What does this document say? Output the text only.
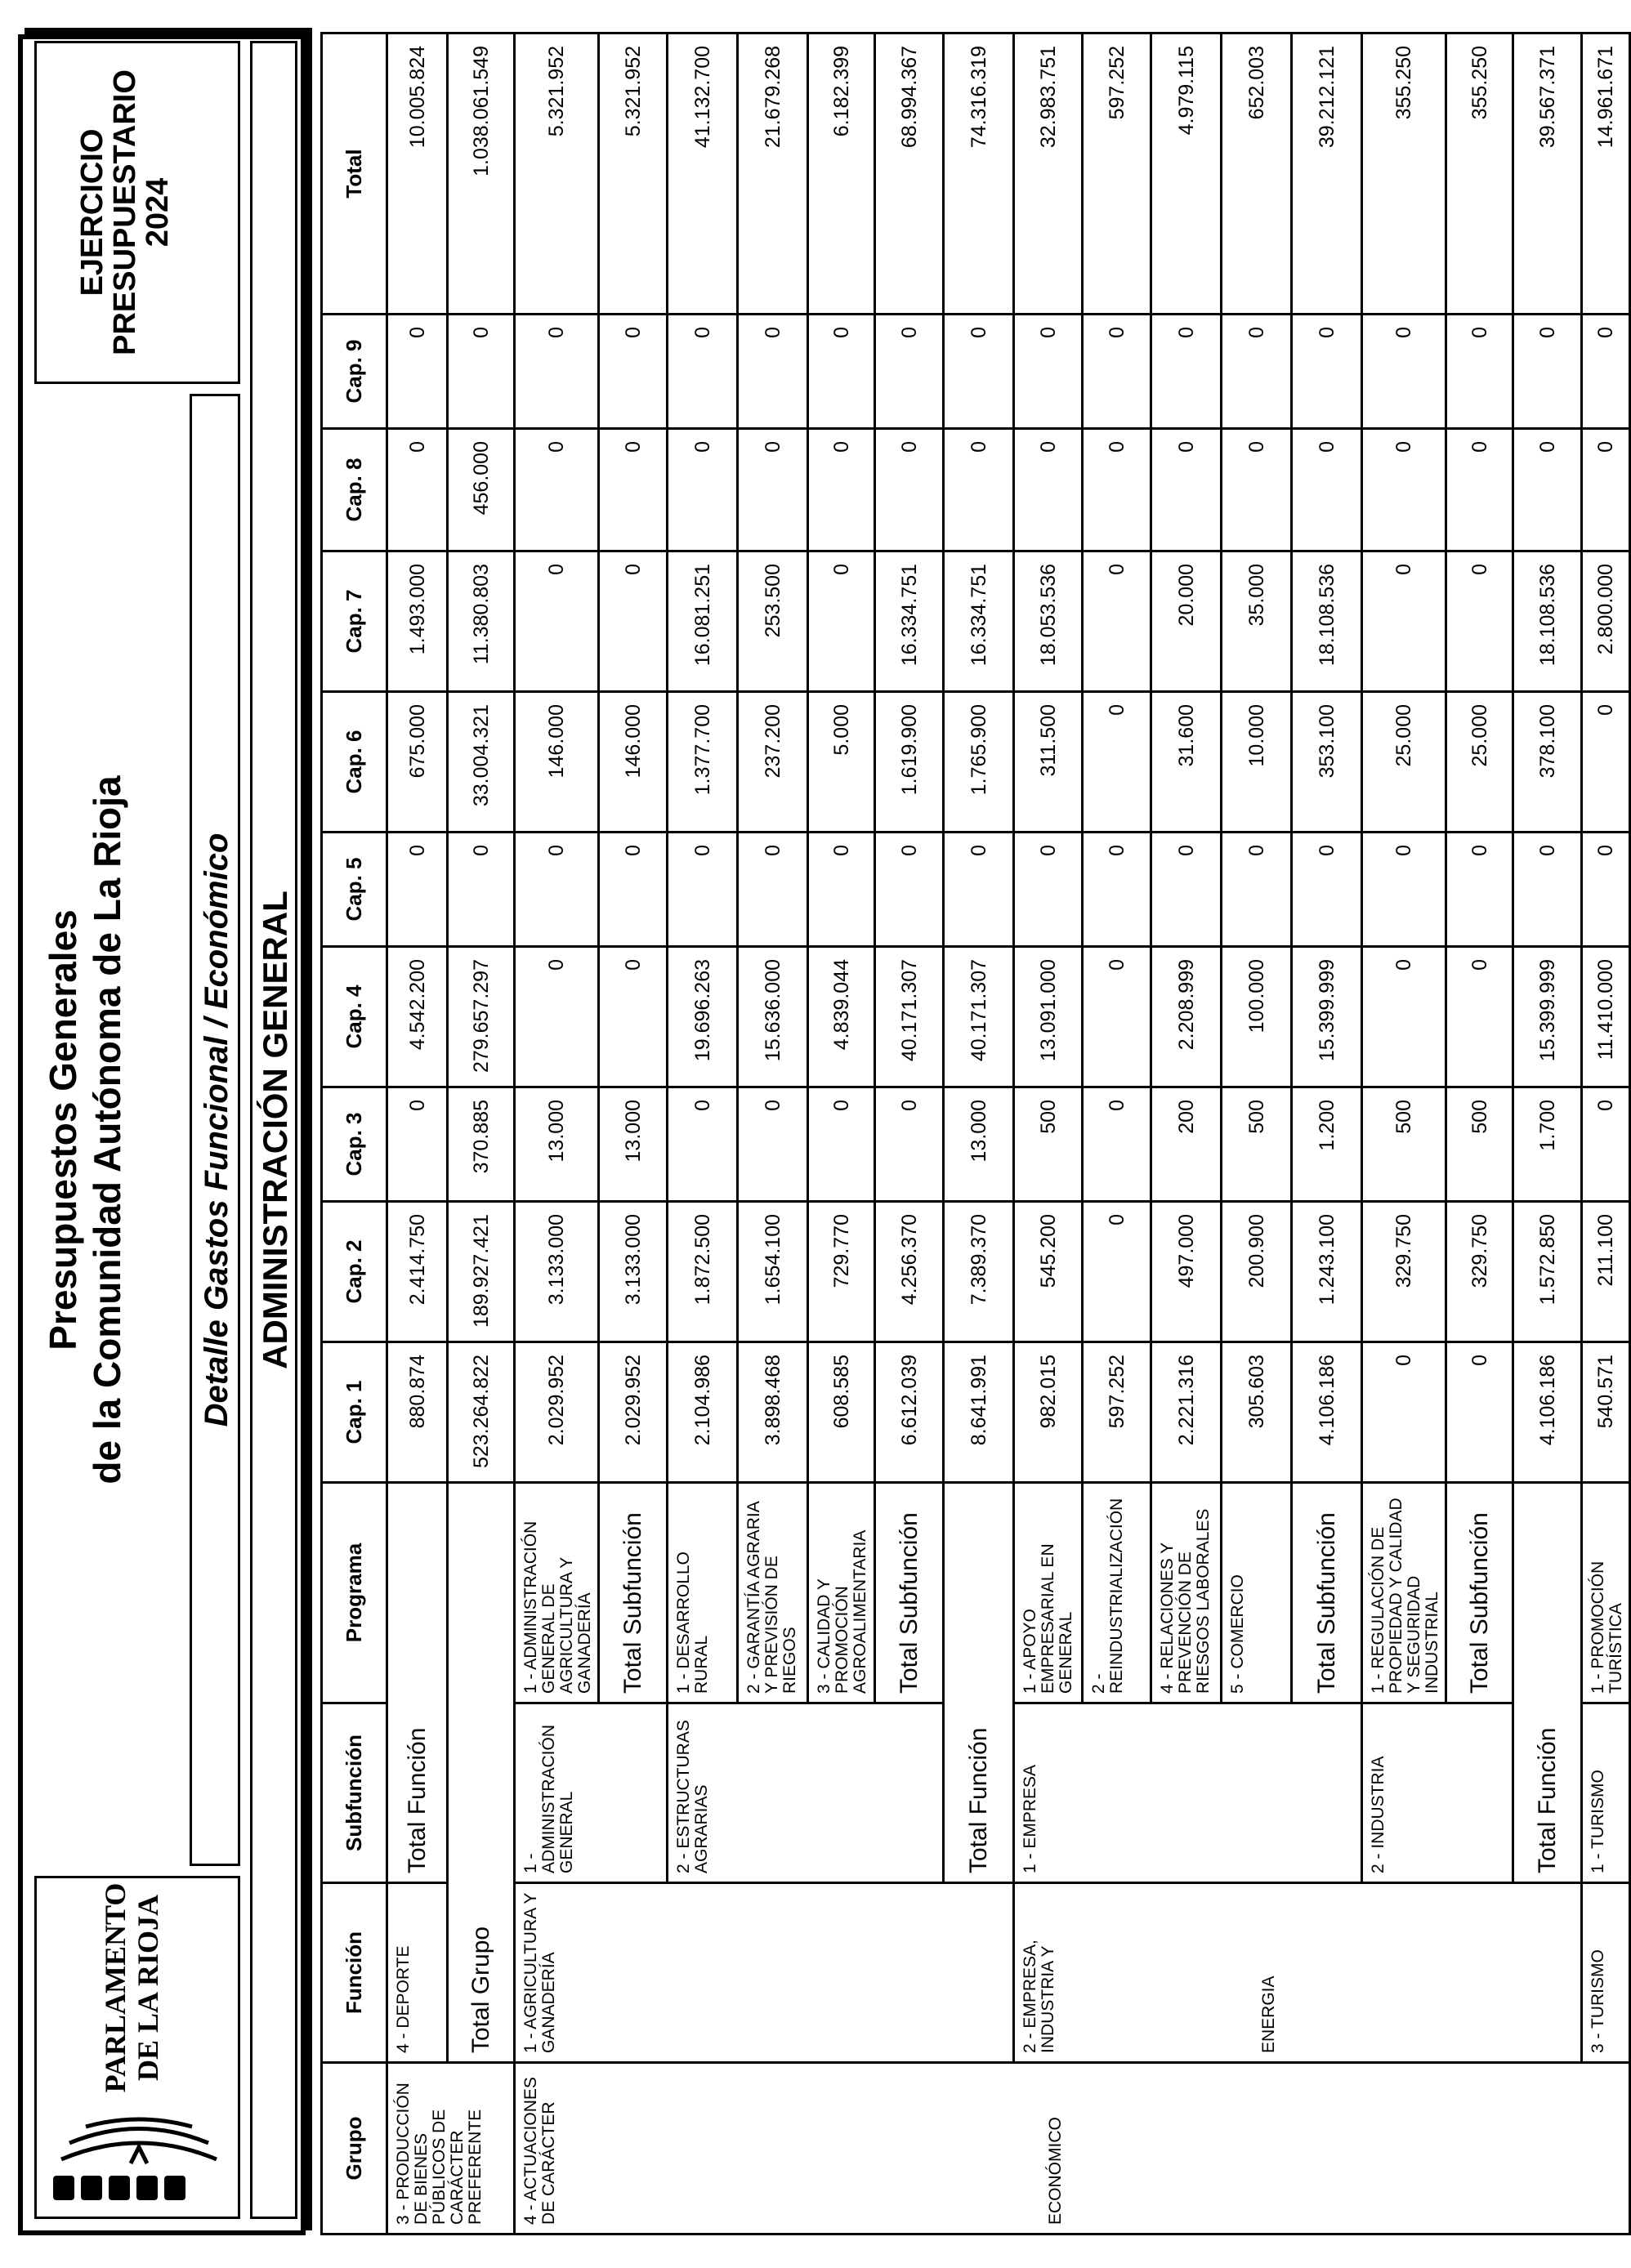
PARLAMENTO DE LA RIOJA
Presupuestos Generales de la Comunidad Autónoma de La Rioja Detalle Gastos Funcional / Económico
EJERCICIO
PRESUPUESTARIO
2024
ADMINISTRACIÓN GENERAL
Grupo	Función	Subfunción	Programa	Cap. 1	Cap. 2	Cap. 3	Cap. 4	Cap. 5	Cap. 6	Cap. 7	Cap. 8	Cap. 9	Total
3 - PRODUCCIÓN DE BIENES PÚBLICOS DE CARÁCTER PREFERENTE	4 - DEPORTE	Total Función		880.874	2.414.750	0	4.542.200	0	675.000	1.493.000	0	0	10.005.824
	Total Grupo			523.264.822	189.927.421	370.885	279.657.297	0	33.004.321	11.380.803	456.000	0	1.038.061.549

4 - ACTUACIONES DE CARÁCTER ECONÓMICO	1 - AGRICULTURA Y GANADERÍA	1 - ADMINISTRACIÓN GENERAL	1 - ADMINISTRACIÓN GENERAL DE AGRICULTURA Y GANADERÍA	2.029.952	3.133.000	13.000	0	0	146.000	0	0	0	5.321.952
			Total Subfunción	2.029.952	3.133.000	13.000	0	0	146.000	0	0	0	5.321.952
		2 - ESTRUCTURAS AGRARIAS	1 - DESARROLLO RURAL	2.104.986	1.872.500	0	19.696.263	0	1.377.700	16.081.251	0	0	41.132.700
			2 - GARANTÍA AGRARIA Y PREVISIÓN DE RIEGOS	3.898.468	1.654.100	0	15.636.000	0	237.200	253.500	0	0	21.679.268
			3 - CALIDAD Y PROMOCIÓN AGROALIMENTARIA	608.585	729.770	0	4.839.044	0	5.000	0	0	0	6.182.399
			Total Subfunción	6.612.039	4.256.370	0	40.171.307	0	1.619.900	16.334.751	0	0	68.994.367
		Total Función		8.641.991	7.389.370	13.000	40.171.307	0	1.765.900	16.334.751	0	0	74.316.319

	2 - EMPRESA, INDUSTRIA Y ENERGIA	1 - EMPRESA	1 - APOYO EMPRESARIAL EN GENERAL	982.015	545.200	500	13.091.000	0	311.500	18.053.536	0	0	32.983.751
			2 - REINDUSTRIALIZACIÓN	597.252	0	0	0	0	0	0	0	0	597.252
			4 - RELACIONES Y PREVENCIÓN DE RIESGOS LABORALES	2.221.316	497.000	200	2.208.999	0	31.600	20.000	0	0	4.979.115
			5 - COMERCIO	305.603	200.900	500	100.000	0	10.000	35.000	0	0	652.003
			Total Subfunción	4.106.186	1.243.100	1.200	15.399.999	0	353.100	18.108.536	0	0	39.212.121
		2 - INDUSTRIA	1 - REGULACIÓN DE PROPIEDAD Y CALIDAD Y SEGURIDAD INDUSTRIAL	0	329.750	500	0	0	25.000	0	0	0	355.250
			Total Subfunción	0	329.750	500	0	0	25.000	0	0	0	355.250
		Total Función		4.106.186	1.572.850	1.700	15.399.999	0	378.100	18.108.536	0	0	39.567.371
	3 - TURISMO	1 - TURISMO	1 - PROMOCIÓN TURÍSTICA	540.571	211.100	0	11.410.000	0	0	2.800.000	0	0	14.961.671
